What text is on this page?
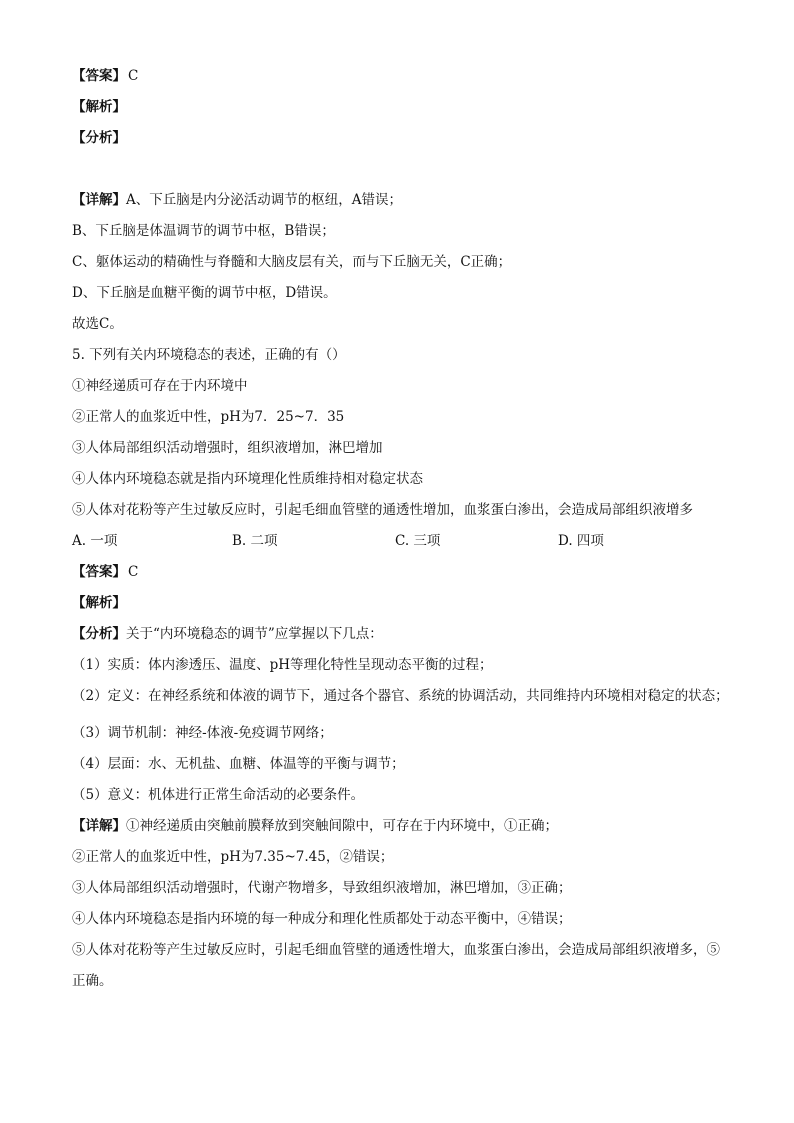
【答案】 C

【解析】

【分析】

【详解】A、下丘脑是内分泌活动调节的枢纽，A错误；

B、下丘脑是体温调节的调节中枢，B错误；

C、躯体运动的精确性与脊髓和大脑皮层有关，而与下丘脑无关，C正确；

D、下丘脑是血糖平衡的调节中枢，D错误。

故选C。

5. 下列有关内环境稳态的表述，正确的有（）

①神经递质可存在于内环境中

②正常人的血浆近中性，pH为7．25~7．35

③人体局部组织活动增强时，组织液增加，淋巴增加

④人体内环境稳态就是指内环境理化性质维持相对稳定状态

⑤人体对花粉等产生过敏反应时，引起毛细血管壁的通透性增加，血浆蛋白渗出，会造成局部组织液增多

A. 一项	B. 二项	C. 三项	D. 四项

【答案】 C

【解析】

【分析】关于“内环境稳态的调节”应掌握以下几点：

（1）实质：体内渗透压、温度、pH等理化特性呈现动态平衡的过程；

（2）定义：在神经系统和体液的调节下，通过各个器官、系统的协调活动，共同维持内环境相对稳定的状态；

（3）调节机制：神经-体液-免疫调节网络；

（4）层面：水、无机盐、血糖、体温等的平衡与调节；

（5）意义：机体进行正常生命活动的必要条件。

【详解】①神经递质由突触前膜释放到突触间隙中，可存在于内环境中，①正确；

②正常人的血浆近中性，pH为7.35~7.45，②错误；

③人体局部组织活动增强时，代谢产物增多，导致组织液增加，淋巴增加，③正确；

④人体内环境稳态是指内环境的每一种成分和理化性质都处于动态平衡中，④错误；

⑤人体对花粉等产生过敏反应时，引起毛细血管壁的通透性增大，血浆蛋白渗出，会造成局部组织液增多，⑤正确。
